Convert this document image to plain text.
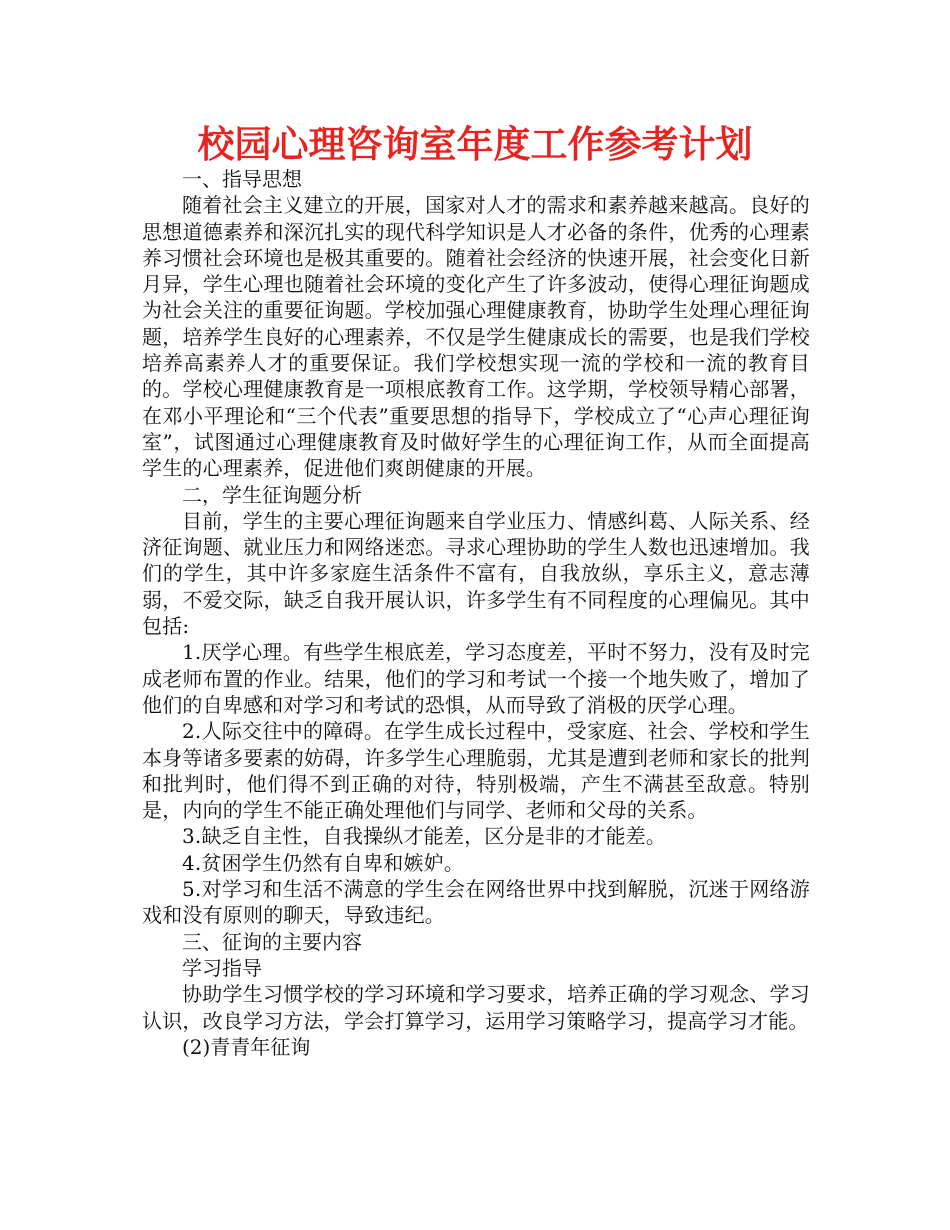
校园心理咨询室年度工作参考计划

一、指导思想

随着社会主义建立的开展，国家对人才的需求和素养越来越高。良好的思想道德素养和深沉扎实的现代科学知识是人才必备的条件，优秀的心理素养习惯社会环境也是极其重要的。随着社会经济的快速开展，社会变化日新月异，学生心理也随着社会环境的变化产生了许多波动，使得心理征询题成为社会关注的重要征询题。学校加强心理健康教育，协助学生处理心理征询题，培养学生良好的心理素养，不仅是学生健康成长的需要，也是我们学校培养高素养人才的重要保证。我们学校想实现一流的学校和一流的教育目的。学校心理健康教育是一项根底教育工作。这学期，学校领导精心部署，在邓小平理论和“三个代表”重要思想的指导下，学校成立了“心声心理征询室”，试图通过心理健康教育及时做好学生的心理征询工作，从而全面提高学生的心理素养，促进他们爽朗健康的开展。

二，学生征询题分析

目前，学生的主要心理征询题来自学业压力、情感纠葛、人际关系、经济征询题、就业压力和网络迷恋。寻求心理协助的学生人数也迅速增加。我们的学生，其中许多家庭生活条件不富有，自我放纵，享乐主义，意志薄弱，不爱交际，缺乏自我开展认识，许多学生有不同程度的心理偏见。其中包括:

1.厌学心理。有些学生根底差，学习态度差，平时不努力，没有及时完成老师布置的作业。结果，他们的学习和考试一个接一个地失败了，增加了他们的自卑感和对学习和考试的恐惧，从而导致了消极的厌学心理。

2.人际交往中的障碍。在学生成长过程中，受家庭、社会、学校和学生本身等诸多要素的妨碍，许多学生心理脆弱，尤其是遭到老师和家长的批判和批判时，他们得不到正确的对待，特别极端，产生不满甚至敌意。特别是，内向的学生不能正确处理他们与同学、老师和父母的关系。

3.缺乏自主性，自我操纵才能差，区分是非的才能差。

4.贫困学生仍然有自卑和嫉妒。

5.对学习和生活不满意的学生会在网络世界中找到解脱，沉迷于网络游戏和没有原则的聊天，导致违纪。

三、征询的主要内容

学习指导

协助学生习惯学校的学习环境和学习要求，培养正确的学习观念、学习认识，改良学习方法，学会打算学习，运用学习策略学习，提高学习才能。

(2)青青年征询
